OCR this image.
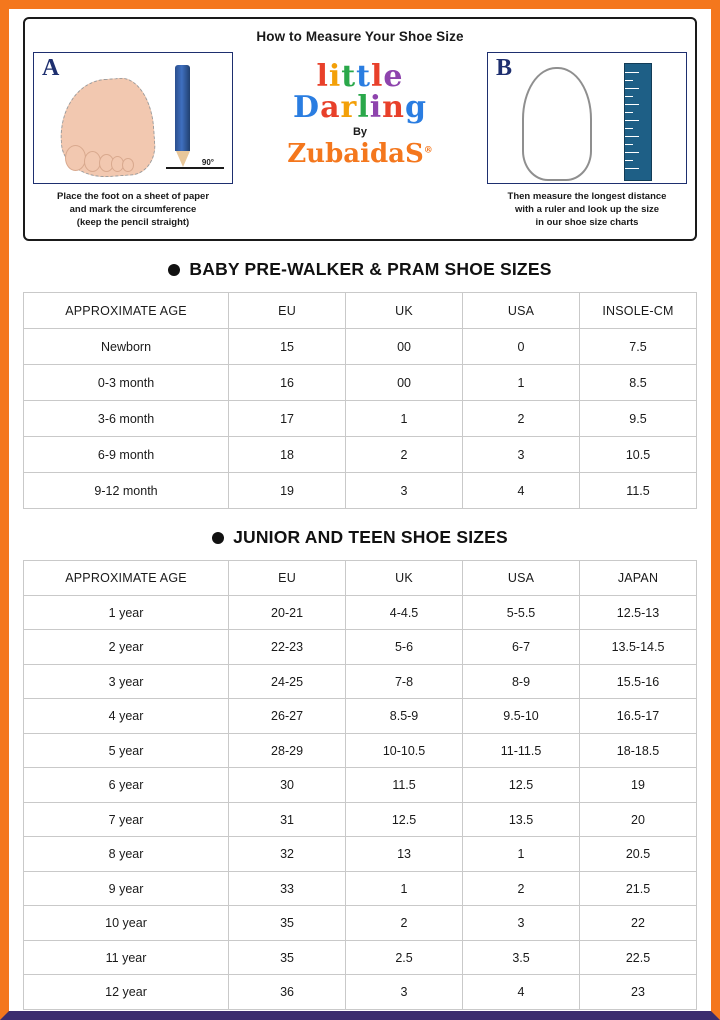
How to Measure Your Shoe Size
A
90°
Place the foot on a sheet of paper
and mark the circumference
(keep the pencil straight)
little
Darling
By
ZubaidaS®
B
Then measure the longest distance
with a ruler and look up the size
in our shoe size charts
BABY PRE-WALKER & PRAM SHOE SIZES
APPROXIMATE AGE	EU	UK	USA	INSOLE-CM
Newborn	15	00	0	7.5
0-3 month	16	00	1	8.5
3-6 month	17	1	2	9.5
6-9 month	18	2	3	10.5
9-12 month	19	3	4	11.5
JUNIOR AND TEEN SHOE SIZES
APPROXIMATE AGE	EU	UK	USA	JAPAN
1 year	20-21	4-4.5	5-5.5	12.5-13
2 year	22-23	5-6	6-7	13.5-14.5
3 year	24-25	7-8	8-9	15.5-16
4 year	26-27	8.5-9	9.5-10	16.5-17
5 year	28-29	10-10.5	11-11.5	18-18.5
6 year	30	11.5	12.5	19
7 year	31	12.5	13.5	20
8 year	32	13	1	20.5
9 year	33	1	2	21.5
10 year	35	2	3	22
11 year	35	2.5	3.5	22.5
12 year	36	3	4	23
